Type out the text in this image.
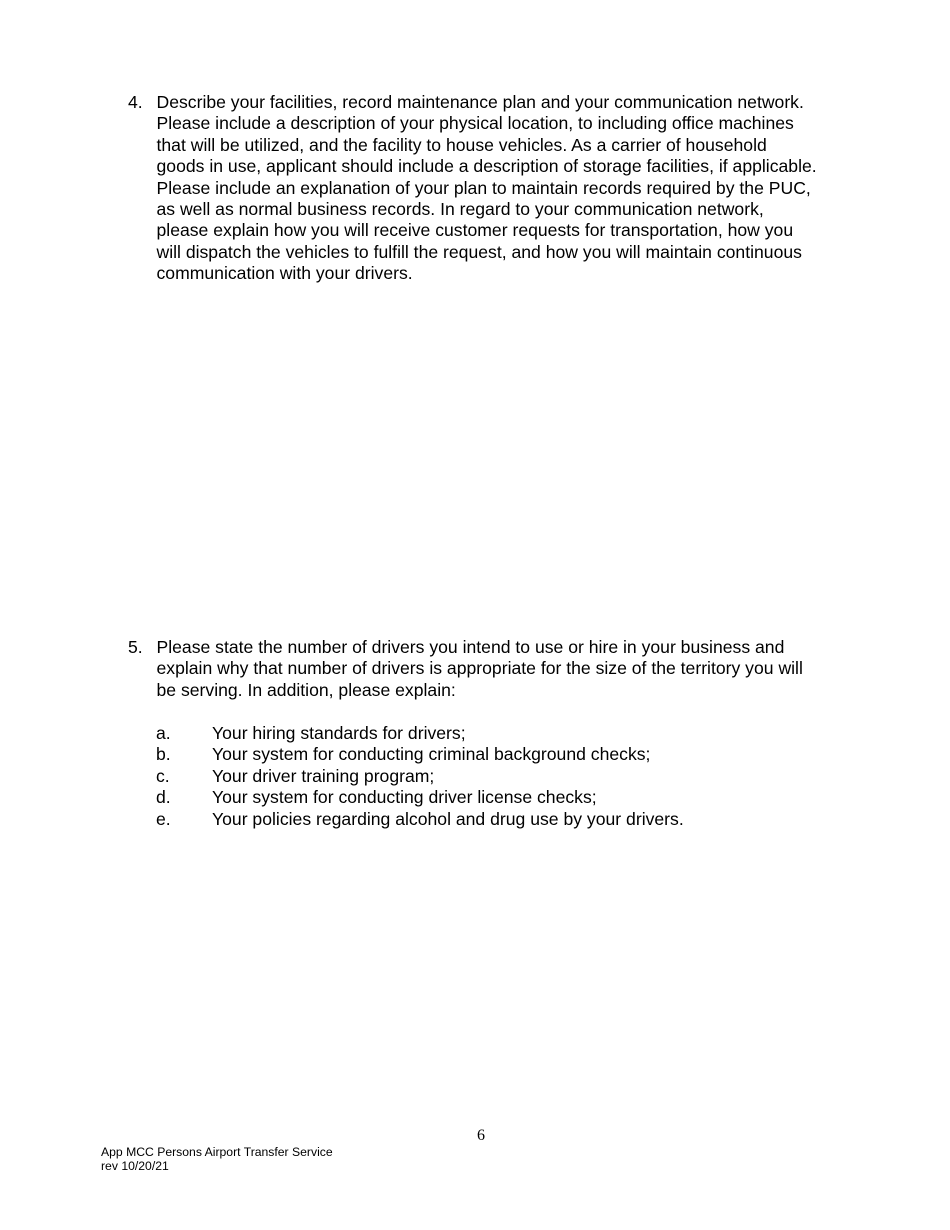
4. Describe your facilities, record maintenance plan and your communication network.
Please include a description of your physical location, to including office machines
that will be utilized, and the facility to house vehicles. As a carrier of household
goods in use, applicant should include a description of storage facilities, if applicable.
Please include an explanation of your plan to maintain records required by the PUC,
as well as normal business records. In regard to your communication network,
please explain how you will receive customer requests for transportation, how you
will dispatch the vehicles to fulfill the request, and how you will maintain continuous
communication with your drivers.
5. Please state the number of drivers you intend to use or hire in your business and
explain why that number of drivers is appropriate for the size of the territory you will
be serving. In addition, please explain:
a. Your hiring standards for drivers;
b. Your system for conducting criminal background checks;
c. Your driver training program;
d. Your system for conducting driver license checks;
e. Your policies regarding alcohol and drug use by your drivers.
6
App MCC Persons Airport Transfer Service
rev 10/20/21
